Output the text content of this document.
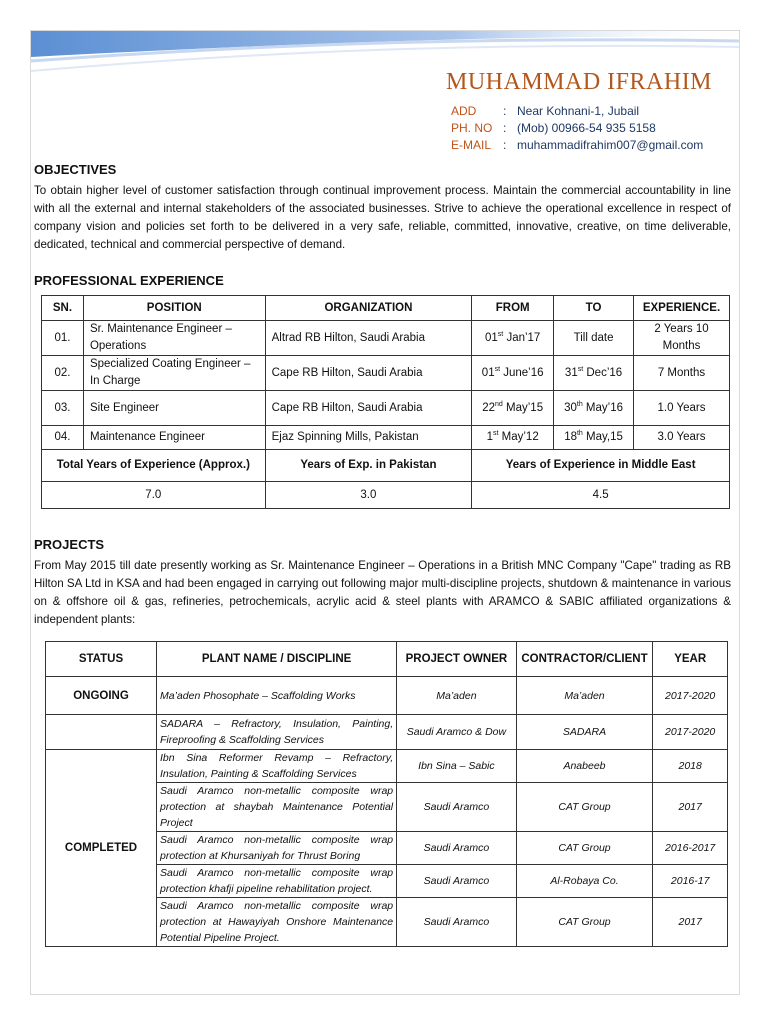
MUHAMMAD IFRAHIM
ADD : Near Kohnani-1, Jubail
PH. NO : (Mob) 00966-54 935 5158
E-MAIL : muhammadifrahim007@gmail.com
OBJECTIVES
To obtain higher level of customer satisfaction through continual improvement process. Maintain the commercial accountability in line with all the external and internal stakeholders of the associated businesses. Strive to achieve the operational excellence in respect of company vision and policies set forth to be delivered in a very safe, reliable, committed, innovative, creative, on time deliverable, dedicated, technical and commercial perspective of demand.
PROFESSIONAL EXPERIENCE
SN.	POSITION	ORGANIZATION	FROM	TO	EXPERIENCE.
01.	Sr. Maintenance Engineer – Operations	Altrad RB Hilton, Saudi Arabia	01st Jan’17	Till date	2 Years 10 Months
02.	Specialized Coating Engineer – In Charge	Cape RB Hilton, Saudi Arabia	01st June’16	31st Dec’16	7 Months
03.	Site Engineer	Cape RB Hilton, Saudi Arabia	22nd May’15	30th May’16	1.0 Years
04.	Maintenance Engineer	Ejaz Spinning Mills, Pakistan	1st May’12	18th May,15	3.0 Years
Total Years of Experience (Approx.)		Years of Exp. in Pakistan	Years of Experience in Middle East		
7.0		3.0	4.5		
PROJECTS
From May 2015 till date presently working as Sr. Maintenance Engineer – Operations in a British MNC Company "Cape" trading as RB Hilton SA Ltd in KSA and had been engaged in carrying out following major multi-discipline projects, shutdown & maintenance in various on & offshore oil & gas, refineries, petrochemicals, acrylic acid & steel plants with ARAMCO & SABIC affiliated organizations & independent plants:
STATUS	PLANT NAME / DISCIPLINE	PROJECT OWNER	CONTRACTOR/CLIENT	YEAR
ONGOING	Ma’aden Phosophate – Scaffolding Works	Ma’aden	Ma’aden	2017-2020
	SADARA – Refractory, Insulation, Painting, Fireproofing & Scaffolding Services	Saudi Aramco & Dow	SADARA	2017-2020
COMPLETED	Ibn Sina Reformer Revamp – Refractory, Insulation, Painting & Scaffolding Services	Ibn Sina – Sabic	Anabeeb	2018
	Saudi Aramco non-metallic composite wrap protection at shaybah Maintenance Potential Project	Saudi Aramco	CAT Group	2017
	Saudi Aramco non-metallic composite wrap protection at Khursaniyah for Thrust Boring	Saudi Aramco	CAT Group	2016-2017
	Saudi Aramco non-metallic composite wrap protection khafji pipeline rehabilitation project.	Saudi Aramco	Al-Robaya Co.	2016-17
	Saudi Aramco non-metallic composite wrap protection at Hawayiyah Onshore Maintenance Potential Pipeline Project.	Saudi Aramco	CAT Group	2017
